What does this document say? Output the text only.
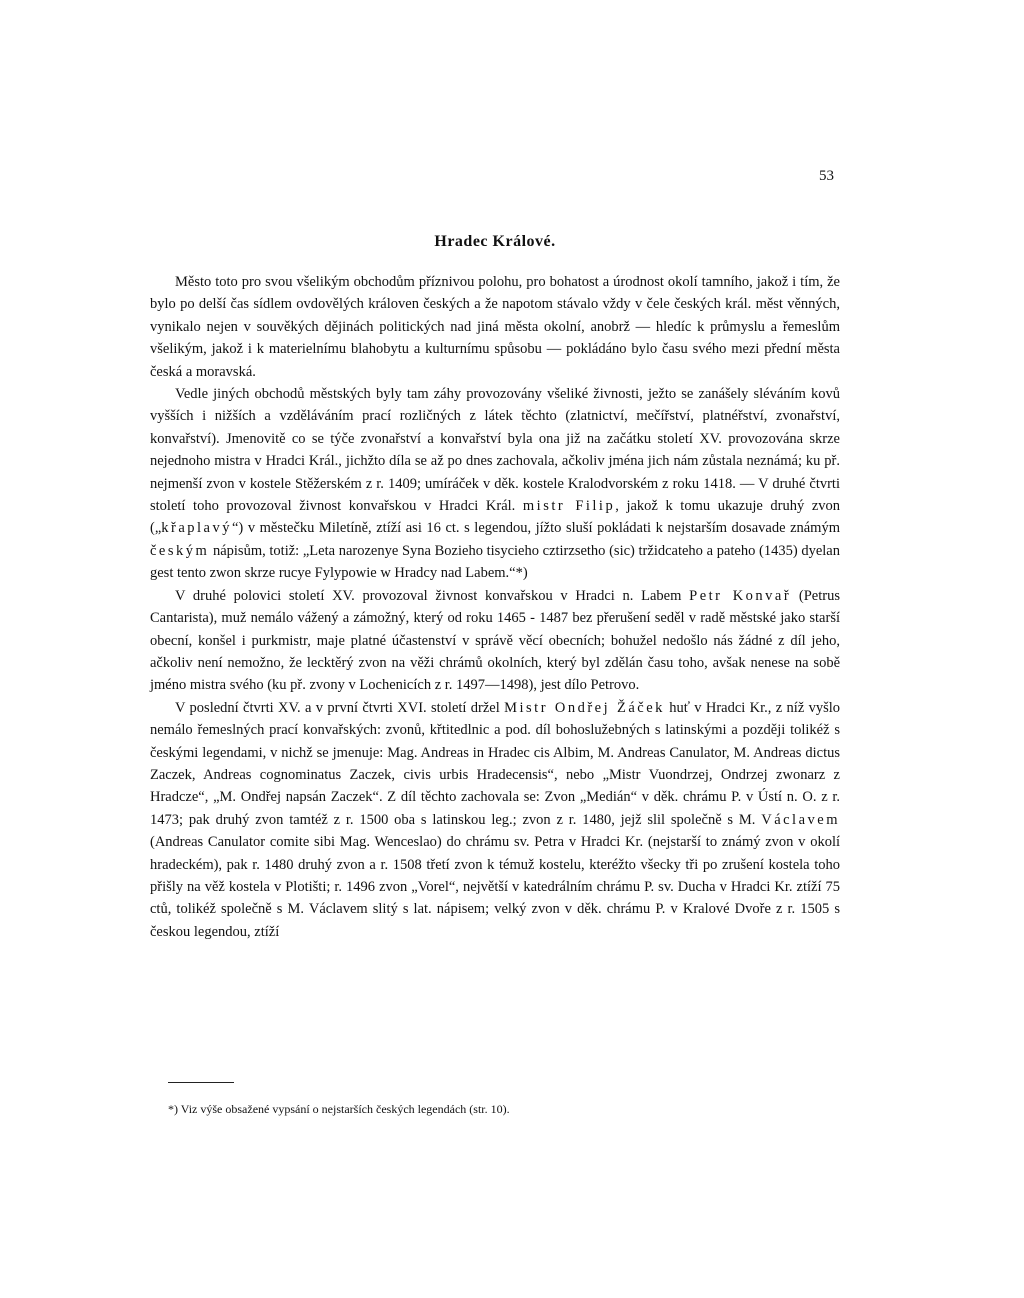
53
Hradec Králové.

Město toto pro svou všelikým obchodům příznivou polohu, pro bohatost a úrodnost okolí tamního, jakož i tím, že bylo po delší čas sídlem ovdovělých královen českých a že napotom stávalo vždy v čele českých král. měst věnných, vynikalo nejen v souvěkých dějinách politických nad jiná města okolní, anobrž — hledíc k průmyslu a řemeslům všelikým, jakož i k materielnímu blahobytu a kulturnímu spůsobu — pokládáno bylo času svého mezi přední města česká a moravská.

Vedle jiných obchodů městských byly tam záhy provozovány všeliké živnosti, ježto se zanášely sléváním kovů vyšších i nižších a vzděláváním prací rozličných z látek těchto (zlatnictví, mečířství, platnéřství, zvonařství, konvařství). Jmenovitě co se týče zvonařství a konvařství byla ona již na začátku století XV. provozována skrze nejednoho mistra v Hradci Král., jichžto díla se až po dnes zachovala, ačkoliv jména jich nám zůstala neznámá; ku př. nejmenší zvon v kostele Stěžerském z r. 1409; umíráček v děk. kostele Kralodvorském z roku 1418. — V druhé čtvrti století toho provozoval živnost konvařskou v Hradci Král. mistr Filip, jakož k tomu ukazuje druhý zvon („křaplavý“) v městečku Miletíně, ztíží asi 16 ct. s legendou, jížto sluší pokládati k nejstarším dosavade známým českým nápisům, totiž: „Leta narozenye Syna Bozieho tisycieho cztirzsetho (sic) tržidcateho a pateho (1435) dyelan gest tento zwon skrze rucye Fylypowie w Hradcy nad Labem.“*)

V druhé polovici století XV. provozoval živnost konvařskou v Hradci n. Labem Petr Konvař (Petrus Cantarista), muž nemálo vážený a zámožný, který od roku 1465 - 1487 bez přerušení seděl v radě městské jako starší obecní, konšel i purkmistr, maje platné účastenství v správě věcí obecních; bohužel nedošlo nás žádné z díl jeho, ačkoliv není nemožno, že lecktěrý zvon na věži chrámů okolních, který byl zdělán času toho, avšak nenese na sobě jméno mistra svého (ku př. zvony v Lochenicích z r. 1497—1498), jest dílo Petrovo.

V poslední čtvrti XV. a v první čtvrti XVI. století držel Mistr Ondřej Žáček huť v Hradci Kr., z níž vyšlo nemálo řemeslných prací konvařských: zvonů, křtitedlnic a pod. díl bohoslužebných s latinskými a později tolikéž s českými legendami, v nichž se jmenuje: Mag. Andreas in Hradec cis Albim, M. Andreas Canulator, M. Andreas dictus Zaczek, Andreas cognominatus Zaczek, civis urbis Hradecensis“, nebo „Mistr Vuondrzej, Ondrzej zwonarz z Hradcze“, „M. Ondřej napsán Zaczek“. Z díl těchto zachovala se: Zvon „Medián“ v děk. chrámu P. v Ústí n. O. z r. 1473; pak druhý zvon tamtéž z r. 1500 oba s latinskou leg.; zvon z r. 1480, jejž slil společně s M. Václavem (Andreas Canulator comite sibi Mag. Wenceslao) do chrámu sv. Petra v Hradci Kr. (nejstarší to známý zvon v okolí hradeckém), pak r. 1480 druhý zvon a r. 1508 třetí zvon k témuž kostelu, kteréžto všecky tři po zrušení kostela toho přišly na věž kostela v Plotišti; r. 1496 zvon „Vorel“, největší v katedrálním chrámu P. sv. Ducha v Hradci Kr. ztíží 75 ctů, tolikéž společně s M. Václavem slitý s lat. nápisem; velký zvon v děk. chrámu P. v Kralové Dvoře z r. 1505 s českou legendou, ztíží

*) Viz výše obsažené vypsání o nejstarších českých legendách (str. 10).
